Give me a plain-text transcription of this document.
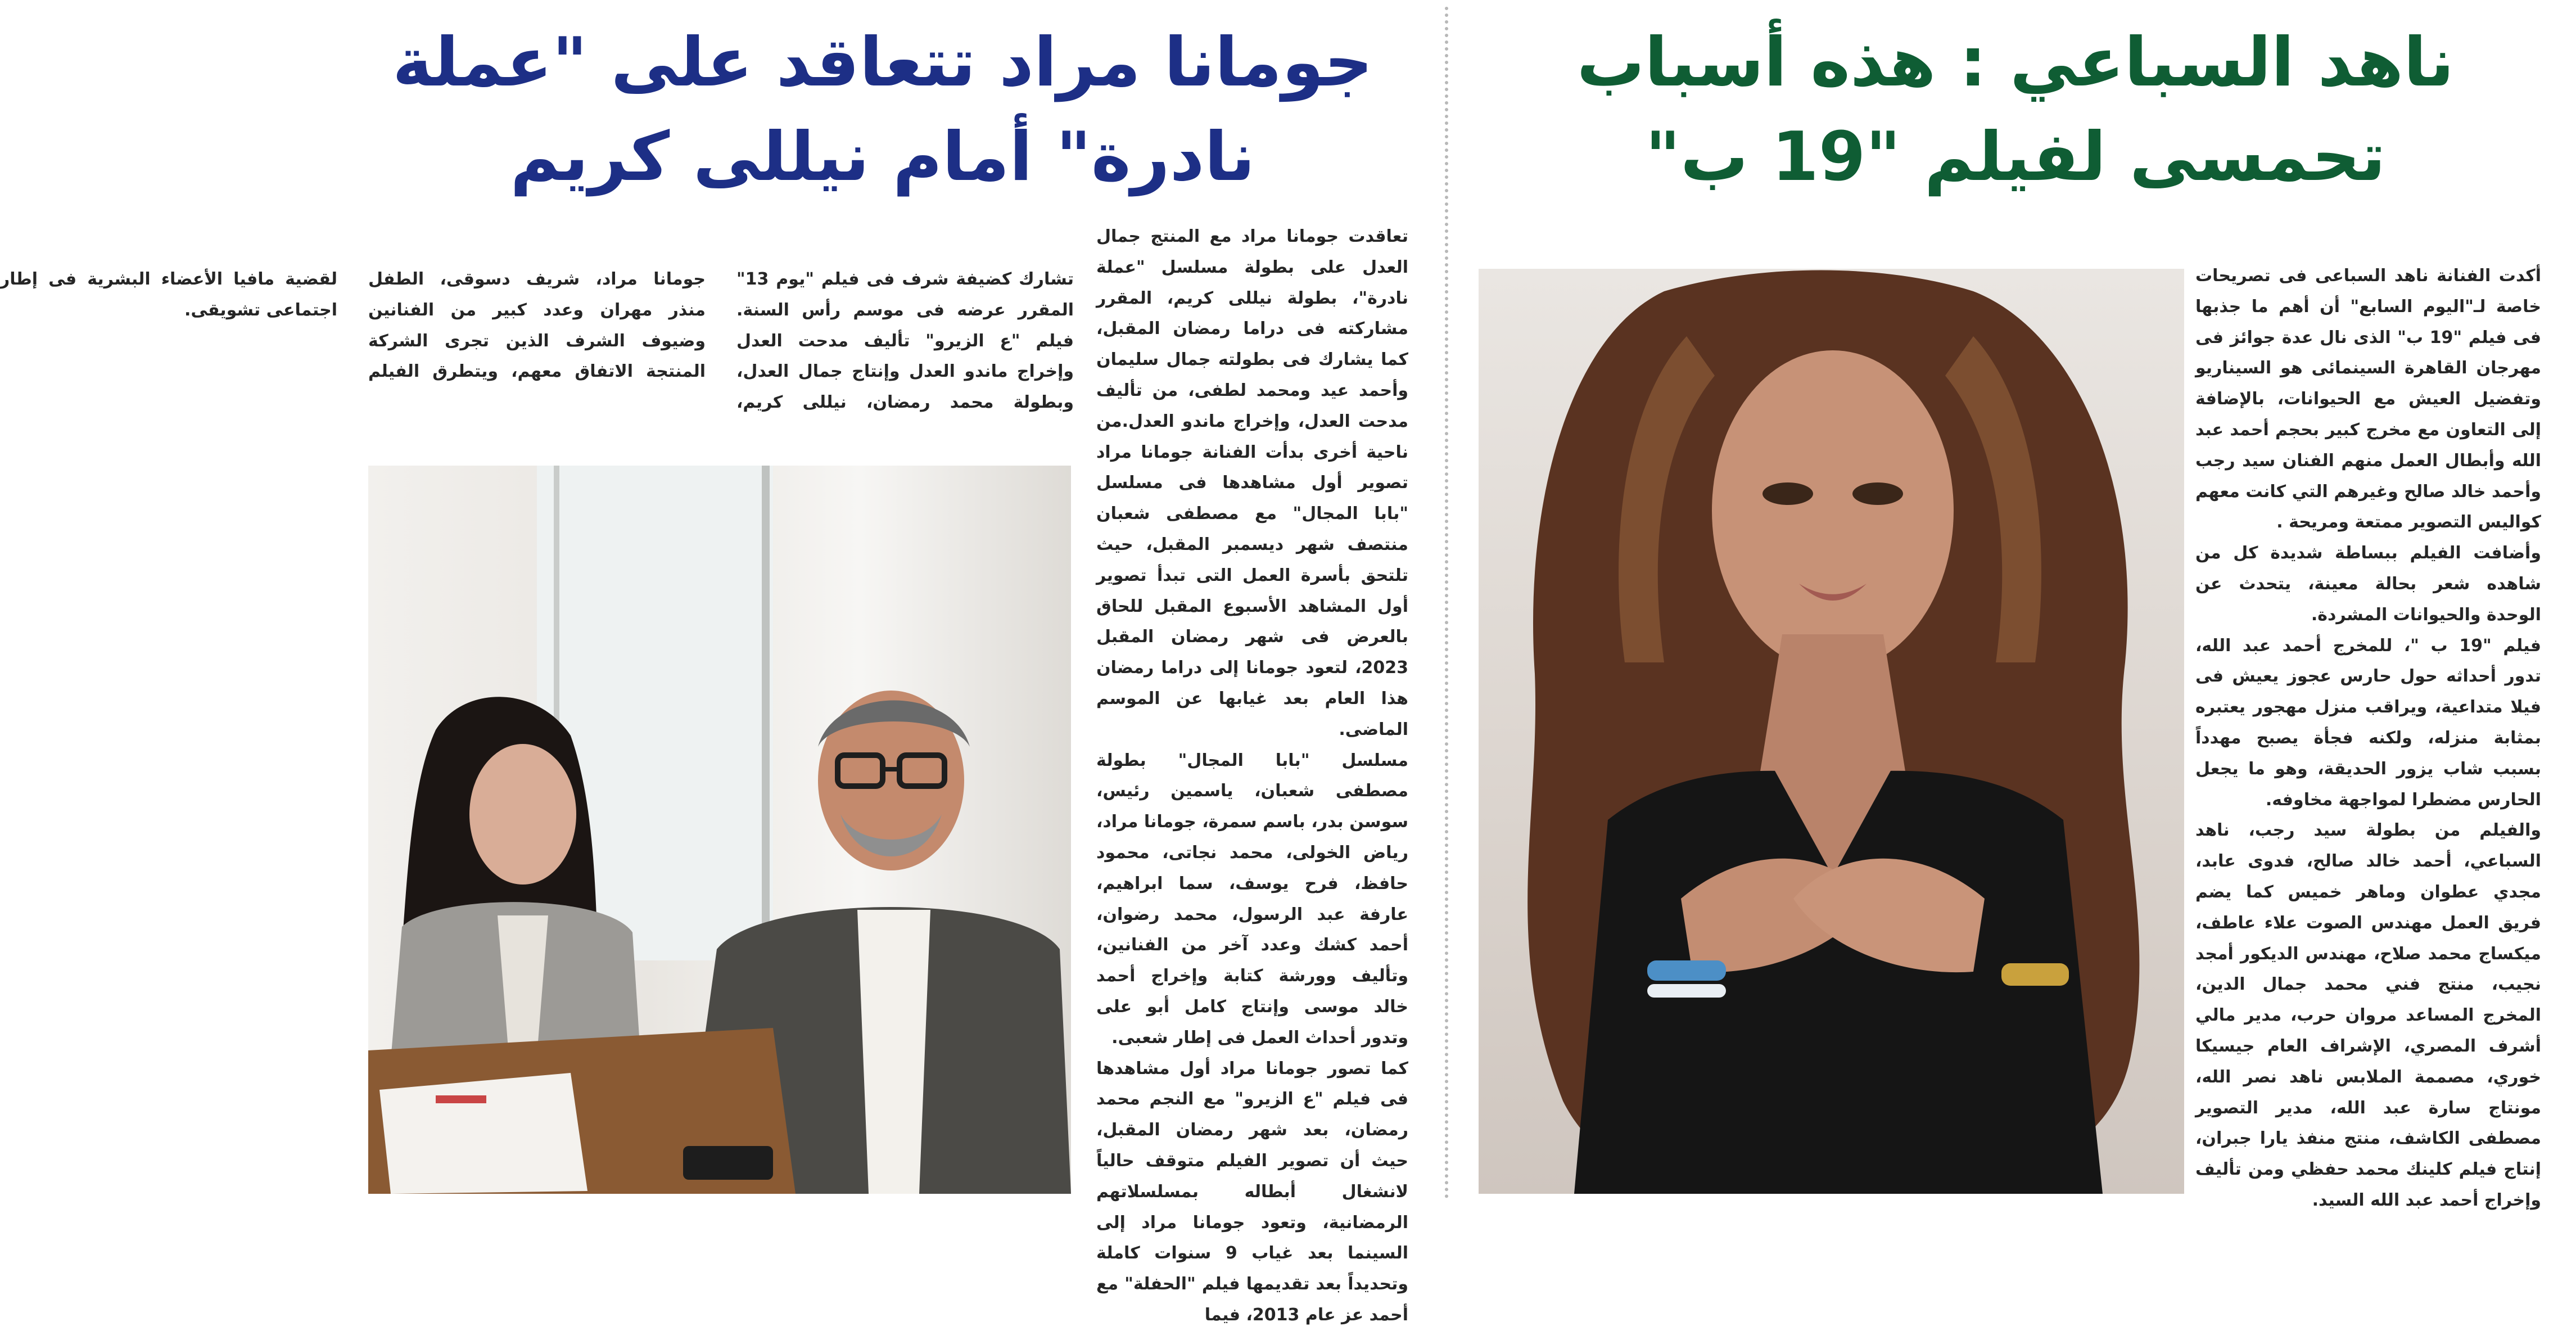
ناهد السباعي : هذه أسباب تحمسى لفيلم "19 ب"
جومانا مراد تتعاقد على "عملة نادرة" أمام نيللى كريم

أكدت الفنانة ناهد السباعى فى تصريحات خاصة لـ"اليوم السابع" أن أهم ما جذبها فى فيلم "19 ب" الذى نال عدة جوائز فى مهرجان القاهرة السينمائى هو السيناريو وتفضيل العيش مع الحيوانات، بالإضافة إلى التعاون مع مخرج كبير بحجم أحمد عبد الله وأبطال العمل منهم الفنان سيد رجب وأحمد خالد صالح وغيرهم التي كانت معهم كواليس التصوير ممتعة ومريحة .

وأضافت الفيلم ببساطة شديدة كل من شاهده شعر بحالة معينة، يتحدث عن الوحدة والحيوانات المشردة.

فيلم "19 ب "، للمخرج أحمد عبد الله، تدور أحداثه حول حارس عجوز يعيش فى فيلا متداعية، ويراقب منزل مهجور يعتبره بمثابة منزله، ولكنه فجأة يصبح مهدداً بسبب شاب يزور الحديقة، وهو ما يجعل الحارس مضطرا لمواجهة مخاوفه.

والفيلم من بطولة سيد رجب، ناهد السباعي، أحمد خالد صالح، فدوى عابد، مجدي عطوان وماهر خميس كما يضم فريق العمل مهندس الصوت علاء عاطف، ميكساج محمد صلاح، مهندس الديكور أمجد نجيب، منتج فني محمد جمال الدين، المخرج المساعد مروان حرب، مدير مالي أشرف المصري، الإشراف العام جيسيكا خوري، مصممة الملابس ناهد نصر الله، مونتاج سارة عبد الله، مدير التصوير مصطفى الكاشف، منتج منفذ يارا جبران، إنتاج فيلم كلينك محمد حفظي ومن تأليف وإخراج أحمد عبد الله السيد.

تشارك كضيفة شرف فى فيلم "يوم 13" المقرر عرضه فى موسم رأس السنة. فيلم "ع الزيرو" تأليف مدحت العدل وإخراج ماندو العدل وإنتاج جمال العدل، وبطولة محمد رمضان، نيللى كريم، جومانا مراد، شريف دسوقى، الطفل منذر مهران وعدد كبير من الفنانين وضيوف الشرف الذين تجرى الشركة المنتجة الاتفاق معهم، ويتطرق الفيلم لقضية مافيا الأعضاء البشرية فى إطار اجتماعى تشويقى.

تعاقدت جومانا مراد مع المنتج جمال العدل على بطولة مسلسل "عملة نادرة"، بطولة نيللى كريم، المقرر مشاركته فى دراما رمضان المقبل، كما يشارك فى بطولته جمال سليمان وأحمد عيد ومحمد لطفى، من تأليف مدحت العدل، وإخراج ماندو العدل.من ناحية أخرى بدأت الفنانة جومانا مراد تصوير أول مشاهدها فى مسلسل "بابا المجال" مع مصطفى شعبان منتصف شهر ديسمبر المقبل، حيث تلتحق بأسرة العمل التى تبدأ تصوير أول المشاهد الأسبوع المقبل للحاق بالعرض فى شهر رمضان المقبل 2023، لتعود جومانا إلى دراما رمضان هذا العام بعد غيابها عن الموسم الماضى.

مسلسل "بابا المجال" بطولة مصطفى شعبان، ياسمين رئيس، سوسن بدر، باسم سمرة، جومانا مراد، رياض الخولى، محمد نجاتى، محمود حافظ، فرح يوسف، سما ابراهيم، عارفة عبد الرسول، محمد رضوان، أحمد كشك وعدد آخر من الفنانين، وتأليف وورشة كتابة وإخراج أحمد خالد موسى وإنتاج كامل أبو على وتدور أحداث العمل فى إطار شعبى.

كما تصور جومانا مراد أول مشاهدها فى فيلم "ع الزيرو" مع النجم محمد رمضان، بعد شهر رمضان المقبل، حيث أن تصوير الفيلم متوقف حالياً لانشغال أبطاله بمسلسلاتهم الرمضانية، وتعود جومانا مراد إلى السينما بعد غياب 9 سنوات كاملة وتحديداً بعد تقديمها فيلم "الحفلة" مع أحمد عز عام 2013، فيما
